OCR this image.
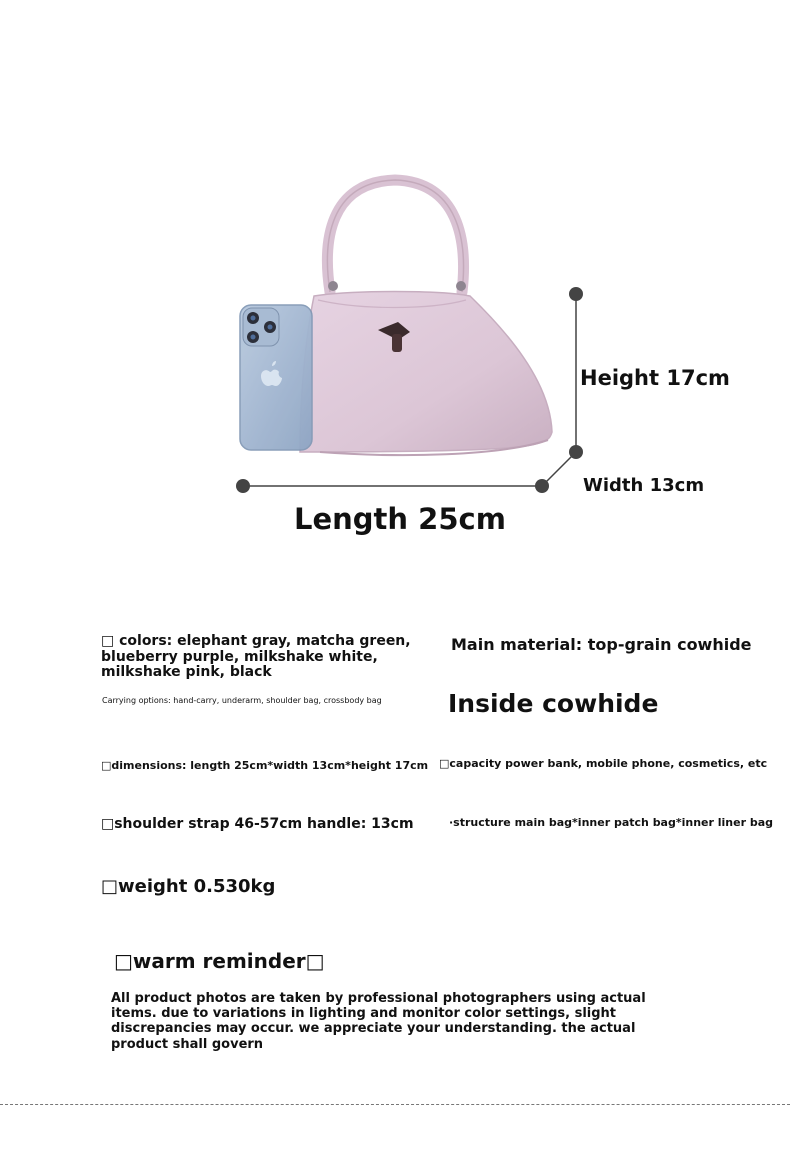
Height 17cm
Width 13cm
Length 25cm
□ colors: elephant gray, matcha green, blueberry purple, milkshake white, milkshake pink, black
Carrying options: hand-carry, underarm, shoulder bag, crossbody bag
□dimensions: length 25cm*width 13cm*height 17cm
□shoulder strap 46-57cm handle: 13cm
□weight 0.530kg
Main material: top-grain cowhide
Inside cowhide
□capacity power bank, mobile phone, cosmetics, etc
·structure main bag*inner patch bag*inner liner bag
□warm reminder□
All product photos are taken by professional photographers using actual items. due to variations in lighting and monitor color settings, slight discrepancies may occur. we appreciate your understanding. the actual product shall govern
